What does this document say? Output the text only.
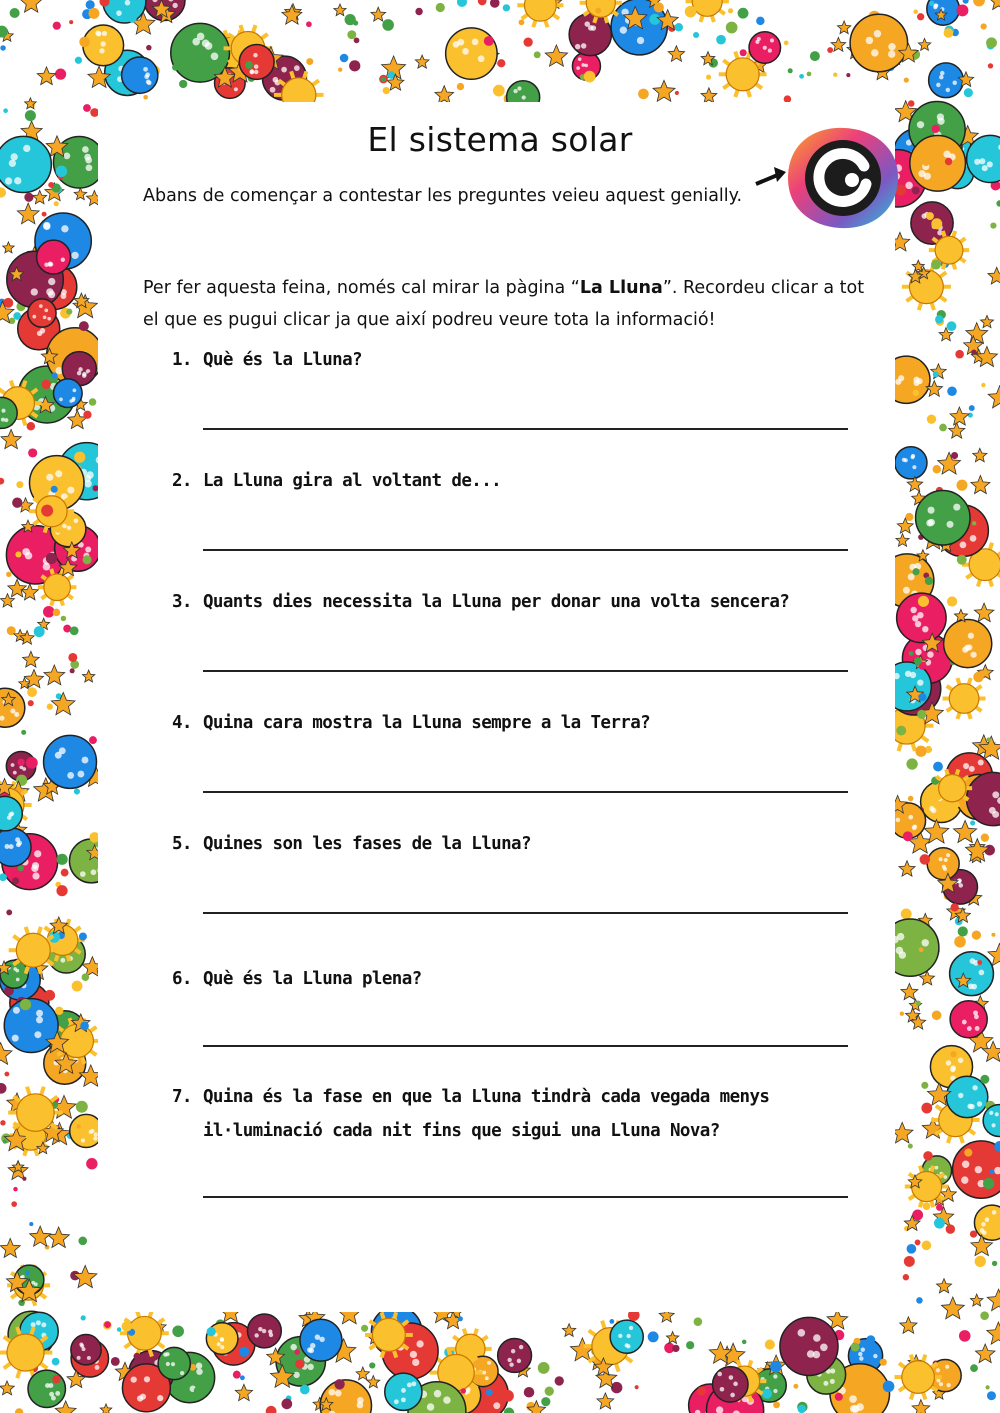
El sistema solar
Abans de començar a contestar les preguntes veieu aquest genially.
Per fer aquesta feina, només cal mirar la pàgina “La Lluna”. Recordeu clicar a tot el que es pugui clicar ja que així podreu veure tota la informació!
1. Què és la Lluna?
2. La Lluna gira al voltant de...
3. Quants dies necessita la Lluna per donar una volta sencera?
4. Quina cara mostra la Lluna sempre a la Terra?
5. Quines son les fases de la Lluna?
6. Què és la Lluna plena?
7. Quina és la fase en que la Lluna tindrà cada vegada menys
il·luminació cada nit fins que sigui una Lluna Nova?
